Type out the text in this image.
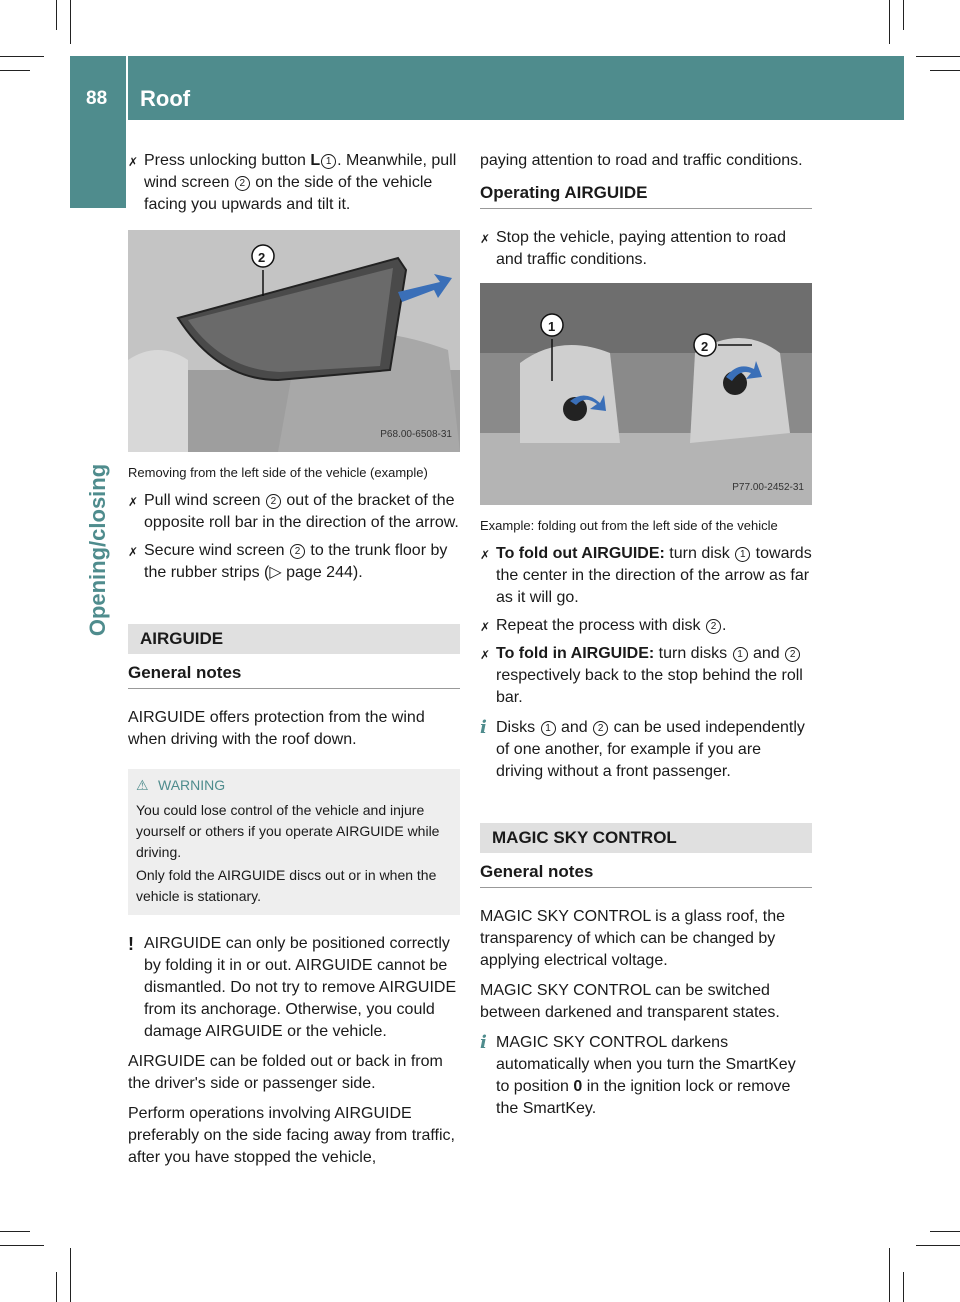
88 Roof
Opening/closing

✗ Press unlocking button L 1 . Meanwhile, pull wind screen 2 on the side of the vehicle facing you upwards and tilt it.

2
P68.00-6508-31

Removing from the left side of the vehicle (example)

✗ Pull wind screen 2 out of the bracket of the opposite roll bar in the direction of the arrow.

✗ Secure wind screen 2 to the trunk floor by the rubber strips (▷ page 244).

AIRGUIDE
General notes

AIRGUIDE offers protection from the wind when driving with the roof down.

⚠ WARNING

You could lose control of the vehicle and injure yourself or others if you operate AIRGUIDE while driving.

Only fold the AIRGUIDE discs out or in when the vehicle is stationary.

! AIRGUIDE can only be positioned correctly by folding it in or out. AIRGUIDE cannot be dismantled. Do not try to remove AIRGUIDE from its anchorage. Otherwise, you could damage AIRGUIDE or the vehicle.

AIRGUIDE can be folded out or back in from the driver's side or passenger side.

Perform operations involving AIRGUIDE preferably on the side facing away from traffic, after you have stopped the vehicle,

paying attention to road and traffic conditions.

Operating AIRGUIDE

✗ Stop the vehicle, paying attention to road and traffic conditions.

1
2
P77.00-2452-31

Example: folding out from the left side of the vehicle

✗ To fold out AIRGUIDE: turn disk 1 towards the center in the direction of the arrow as far as it will go.

✗ Repeat the process with disk 2 .

✗ To fold in AIRGUIDE: turn disks 1 and 2 respectively back to the stop behind the roll bar.

i Disks 1 and 2 can be used independently of one another, for example if you are driving without a front passenger.

MAGIC SKY CONTROL
General notes

MAGIC SKY CONTROL is a glass roof, the transparency of which can be changed by applying electrical voltage.

MAGIC SKY CONTROL can be switched between darkened and transparent states.

i MAGIC SKY CONTROL darkens automatically when you turn the SmartKey to position 0 in the ignition lock or remove the SmartKey.
